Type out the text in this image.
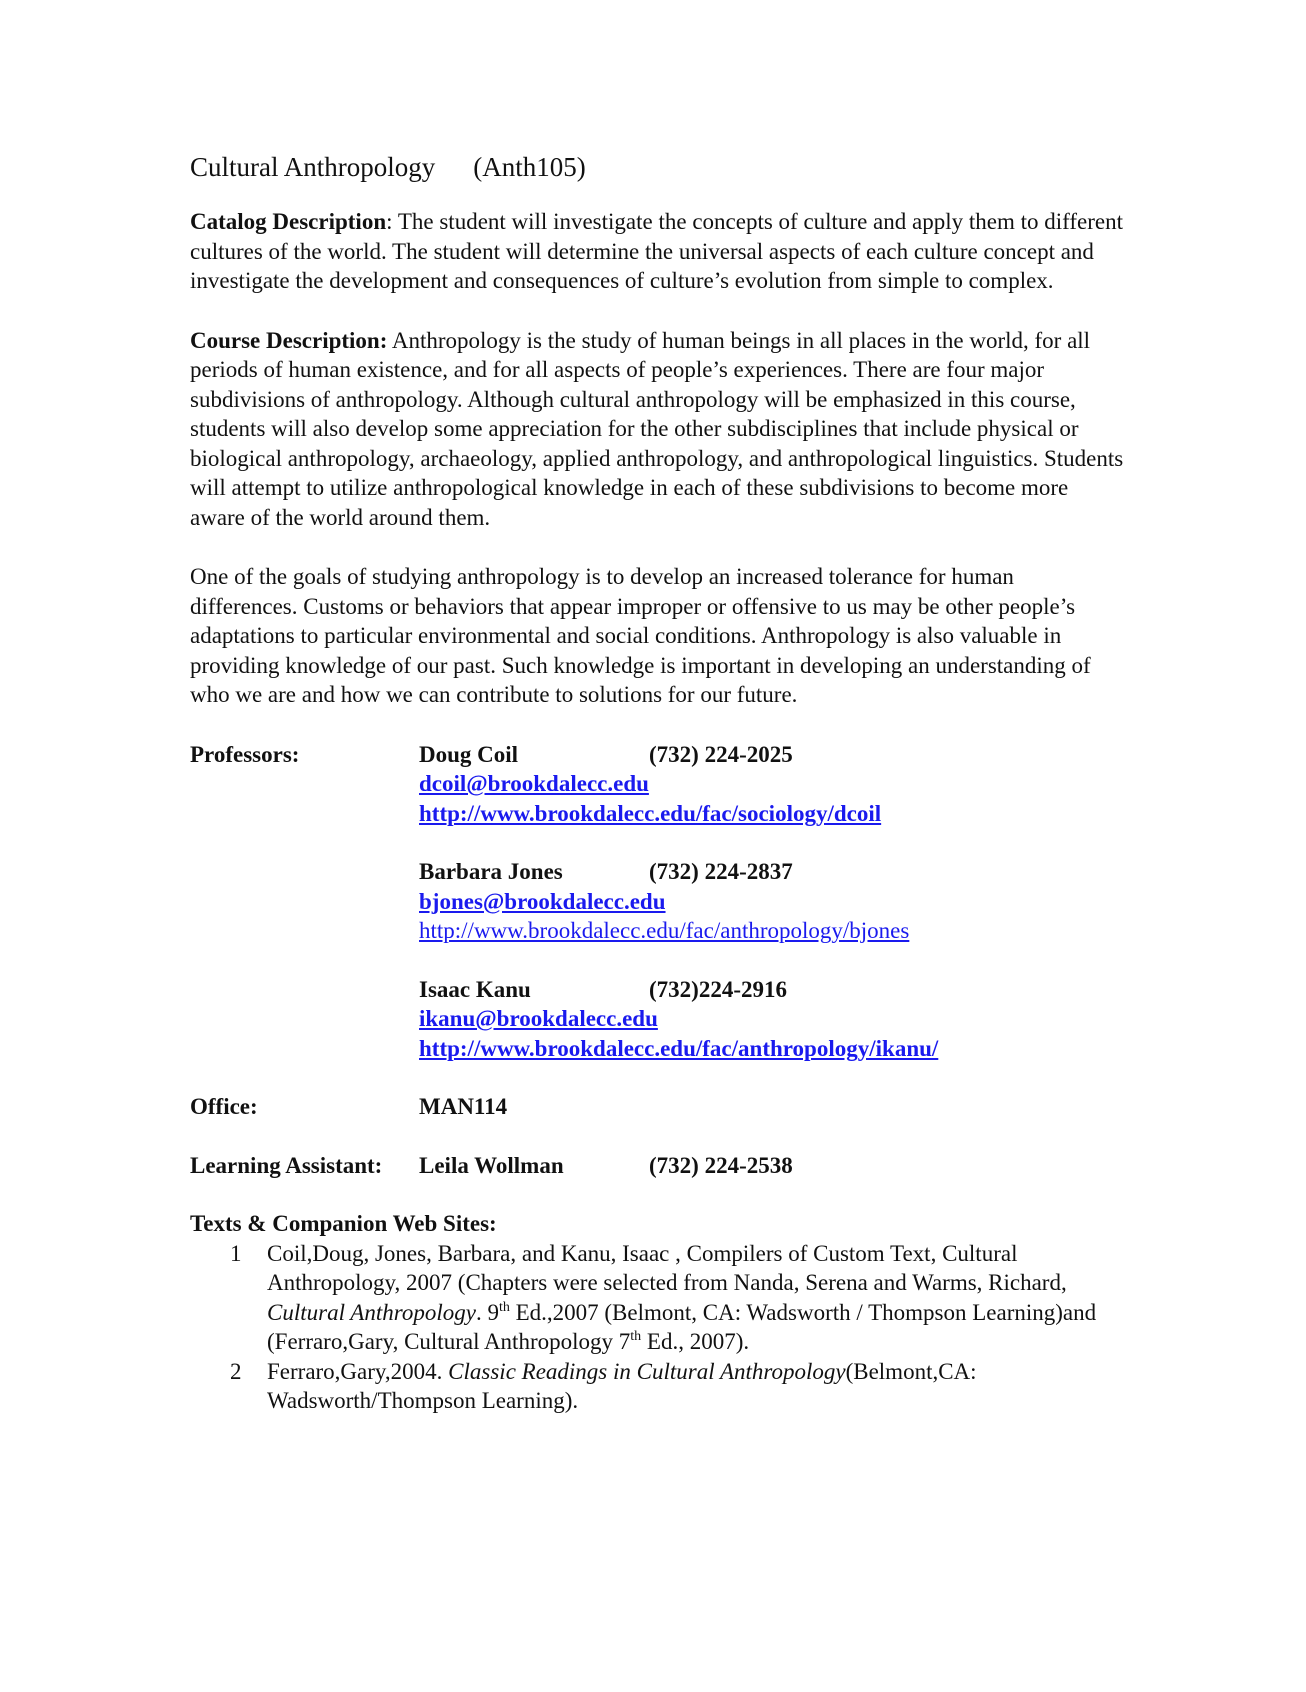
Cultural Anthropology (Anth105)

Catalog Description: The student will investigate the concepts of culture and apply them to different cultures of the world. The student will determine the universal aspects of each culture concept and investigate the development and consequences of culture’s evolution from simple to complex.

Course Description: Anthropology is the study of human beings in all places in the world, for all periods of human existence, and for all aspects of people’s experiences. There are four major subdivisions of anthropology. Although cultural anthropology will be emphasized in this course, students will also develop some appreciation for the other subdisciplines that include physical or biological anthropology, archaeology, applied anthropology, and anthropological linguistics. Students will attempt to utilize anthropological knowledge in each of these subdivisions to become more aware of the world around them.

One of the goals of studying anthropology is to develop an increased tolerance for human differences. Customs or behaviors that appear improper or offensive to us may be other people’s adaptations to particular environmental and social conditions. Anthropology is also valuable in providing knowledge of our past. Such knowledge is important in developing an understanding of who we are and how we can contribute to solutions for our future.

Professors:	Doug Coil	(732) 224-2025
dcoil@brookdalecc.edu
http://www.brookdalecc.edu/fac/sociology/dcoil
Barbara Jones	(732) 224-2837
bjones@brookdalecc.edu
http://www.brookdalecc.edu/fac/anthropology/bjones
Isaac Kanu	(732)224-2916
ikanu@brookdalecc.edu
http://www.brookdalecc.edu/fac/anthropology/ikanu/
Office:	MAN114
Learning Assistant: Leila Wollman	(732) 224-2538
Texts & Companion Web Sites:
1 Coil,Doug, Jones, Barbara, and Kanu, Isaac , Compilers of Custom Text, Cultural Anthropology, 2007 (Chapters were selected from Nanda, Serena and Warms, Richard, Cultural Anthropology. 9th Ed.,2007 (Belmont, CA: Wadsworth / Thompson Learning)and (Ferraro,Gary, Cultural Anthropology 7th Ed., 2007).
2 Ferraro,Gary,2004. Classic Readings in Cultural Anthropology(Belmont,CA: Wadsworth/Thompson Learning).
